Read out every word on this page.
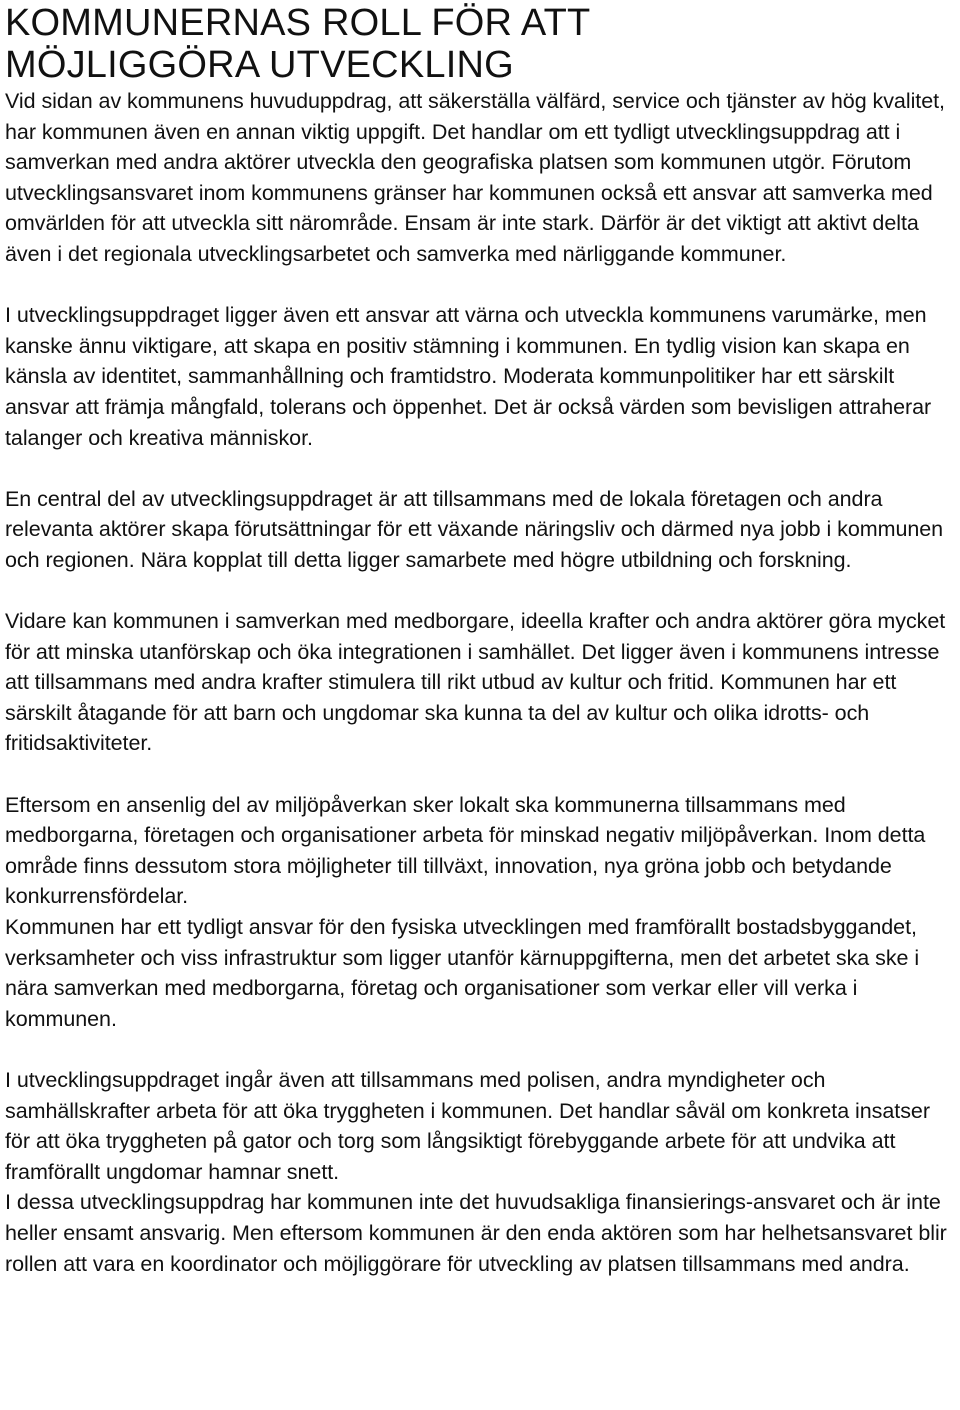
KOMMUNERNAS ROLL FÖR ATT MÖJLIGGÖRA UTVECKLING

Vid sidan av kommunens huvuduppdrag, att säkerställa välfärd, service och tjänster av hög kvalitet, har kommunen även en annan viktig uppgift. Det handlar om ett tydligt utvecklingsuppdrag att i samverkan med andra aktörer utveckla den geografiska platsen som kommunen utgör. Förutom utvecklingsansvaret inom kommunens gränser har kommunen också ett ansvar att samverka med omvärlden för att utveckla sitt närområde. Ensam är inte stark. Därför är det viktigt att aktivt delta även i det regionala utvecklingsarbetet och samverka med närliggande kommuner.

I utvecklingsuppdraget ligger även ett ansvar att värna och utveckla kommunens varumärke, men kanske ännu viktigare, att skapa en positiv stämning i kommunen. En tydlig vision kan skapa en känsla av identitet, sammanhållning och framtidstro. Moderata kommunpolitiker har ett särskilt ansvar att främja mångfald, tolerans och öppenhet. Det är också värden som bevisligen attraherar talanger och kreativa människor.

En central del av utvecklingsuppdraget är att tillsammans med de lokala företagen och andra relevanta aktörer skapa förutsättningar för ett växande näringsliv och därmed nya jobb i kommunen och regionen. Nära kopplat till detta ligger samarbete med högre utbildning och forskning.

Vidare kan kommunen i samverkan med medborgare, ideella krafter och andra aktörer göra mycket för att minska utanförskap och öka integrationen i samhället. Det ligger även i kommunens intresse att tillsammans med andra krafter stimulera till rikt utbud av kultur och fritid. Kommunen har ett särskilt åtagande för att barn och ungdomar ska kunna ta del av kultur och olika idrotts- och fritidsaktiviteter.

Eftersom en ansenlig del av miljöpåverkan sker lokalt ska kommunerna tillsammans med medborgarna, företagen och organisationer arbeta för minskad negativ miljöpåverkan. Inom detta område finns dessutom stora möjligheter till tillväxt, innovation, nya gröna jobb och betydande konkurrensfördelar.

Kommunen har ett tydligt ansvar för den fysiska utvecklingen med framförallt bostadsbyggandet, verksamheter och viss infrastruktur som ligger utanför kärnuppgifterna, men det arbetet ska ske i nära samverkan med medborgarna, företag och organisationer som verkar eller vill verka i kommunen.

I utvecklingsuppdraget ingår även att tillsammans med polisen, andra myndigheter och samhällskrafter arbeta för att öka tryggheten i kommunen. Det handlar såväl om konkreta insatser för att öka tryggheten på gator och torg som långsiktigt förebyggande arbete för att undvika att framförallt ungdomar hamnar snett.

I dessa utvecklingsuppdrag har kommunen inte det huvudsakliga finansierings-ansvaret och är inte heller ensamt ansvarig. Men eftersom kommunen är den enda aktören som har helhetsansvaret blir rollen att vara en koordinator och möjliggörare för utveckling av platsen tillsammans med andra.
